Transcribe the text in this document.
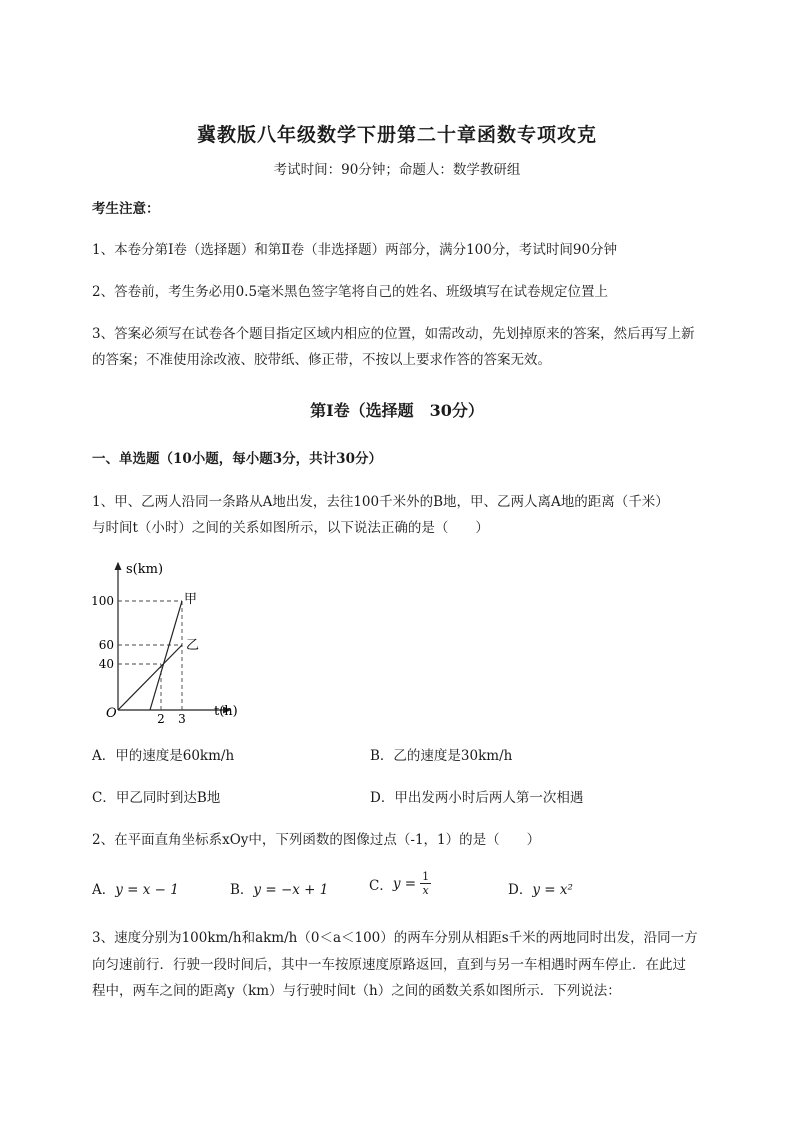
冀教版八年级数学下册第二十章函数专项攻克
考试时间：90分钟；命题人：数学教研组
考生注意：
1、本卷分第Ⅰ卷（选择题）和第Ⅱ卷（非选择题）两部分，满分100分，考试时间90分钟
2、答卷前，考生务必用0.5毫米黑色签字笔将自己的姓名、班级填写在试卷规定位置上
3、答案必须写在试卷各个题目指定区域内相应的位置，如需改动，先划掉原来的答案，然后再写上新
的答案；不准使用涂改液、胶带纸、修正带，不按以上要求作答的答案无效。
第Ⅰ卷（选择题　30分）
一、单选题（10小题，每小题3分，共计30分）
1、甲、乙两人沿同一条路从A地出发，去往100千米外的B地，甲、乙两人离A地的距离（千米）
与时间t（小时）之间的关系如图所示，以下说法正确的是（　　）
s(km)
t(h)
O
100
60
40
2 3
甲
乙
A．甲的速度是60km/h	B．乙的速度是30km/h
C．甲乙同时到达B地	D．甲出发两小时后两人第一次相遇
2、在平面直角坐标系xOy中，下列函数的图像过点（-1，1）的是（　　）
A．y = x − 1	B．y = −x + 1	C． $y = \frac{1}{x}$	D．y = x²
3、速度分别为100km/h和akm/h（0＜a＜100）的两车分别从相距s千米的两地同时出发，沿同一方
向匀速前行．行驶一段时间后，其中一车按原速度原路返回，直到与另一车相遇时两车停止．在此过
程中，两车之间的距离y（km）与行驶时间t（h）之间的函数关系如图所示．下列说法：
